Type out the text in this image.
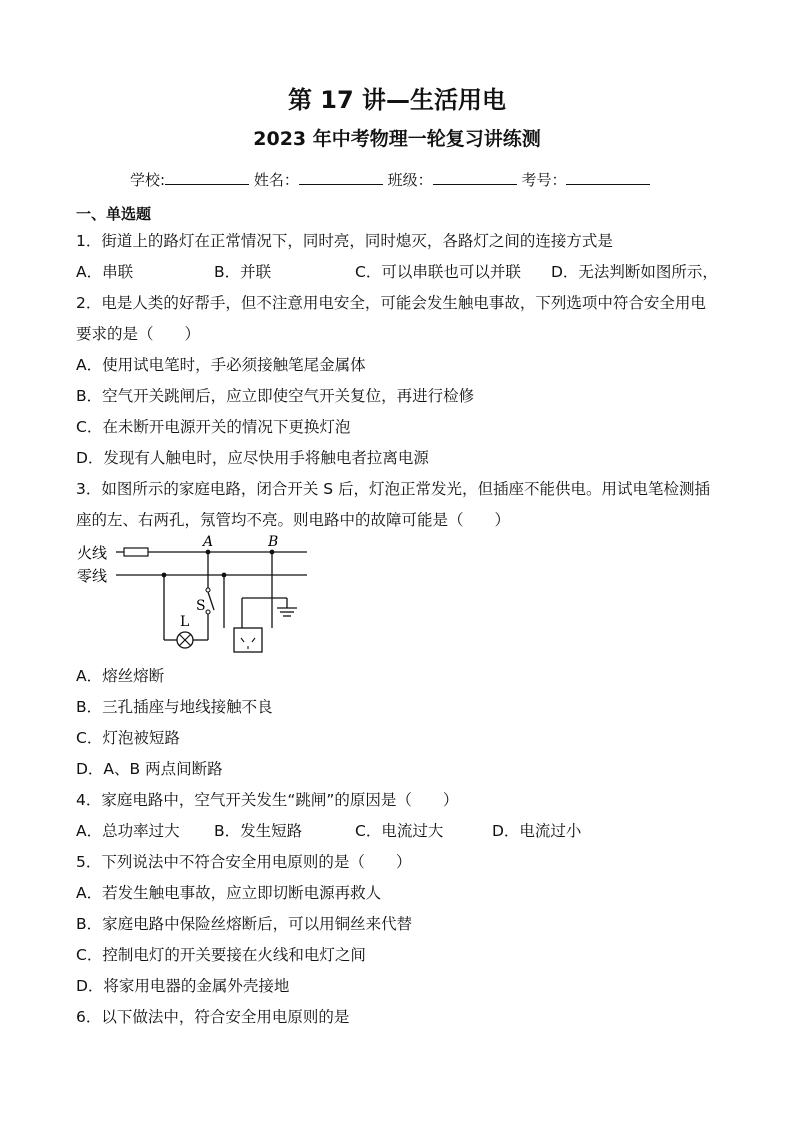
第 17 讲—生活用电
2023 年中考物理一轮复习讲练测
学校:	姓名：	班级：	考号：
一、单选题
1．街道上的路灯在正常情况下，同时亮，同时熄灭，各路灯之间的连接方式是
A．串联	B．并联	C．可以串联也可以并联 D．无法判断如图所示，
2．电是人类的好帮手，但不注意用电安全，可能会发生触电事故，下列选项中符合安全用电
要求的是（　　）
A．使用试电笔时，手必须接触笔尾金属体
B．空气开关跳闸后，应立即使空气开关复位，再进行检修
C．在未断开电源开关的情况下更换灯泡
D．发现有人触电时，应尽快用手将触电者拉离电源
3．如图所示的家庭电路，闭合开关 S 后，灯泡正常发光，但插座不能供电。用试电笔检测插
座的左、右两孔，氖管均不亮。则电路中的故障可能是（　　）
火线
零线
A	B
S
L
A．熔丝熔断
B．三孔插座与地线接触不良
C．灯泡被短路
D．A、B 两点间断路
4．家庭电路中，空气开关发生“跳闸”的原因是（　　）
A．总功率过大 B．发生短路	C．电流过大	D．电流过小
5．下列说法中不符合安全用电原则的是（　　）
A．若发生触电事故，应立即切断电源再救人
B．家庭电路中保险丝熔断后，可以用铜丝来代替
C．控制电灯的开关要接在火线和电灯之间
D．将家用电器的金属外壳接地
6．以下做法中，符合安全用电原则的是
